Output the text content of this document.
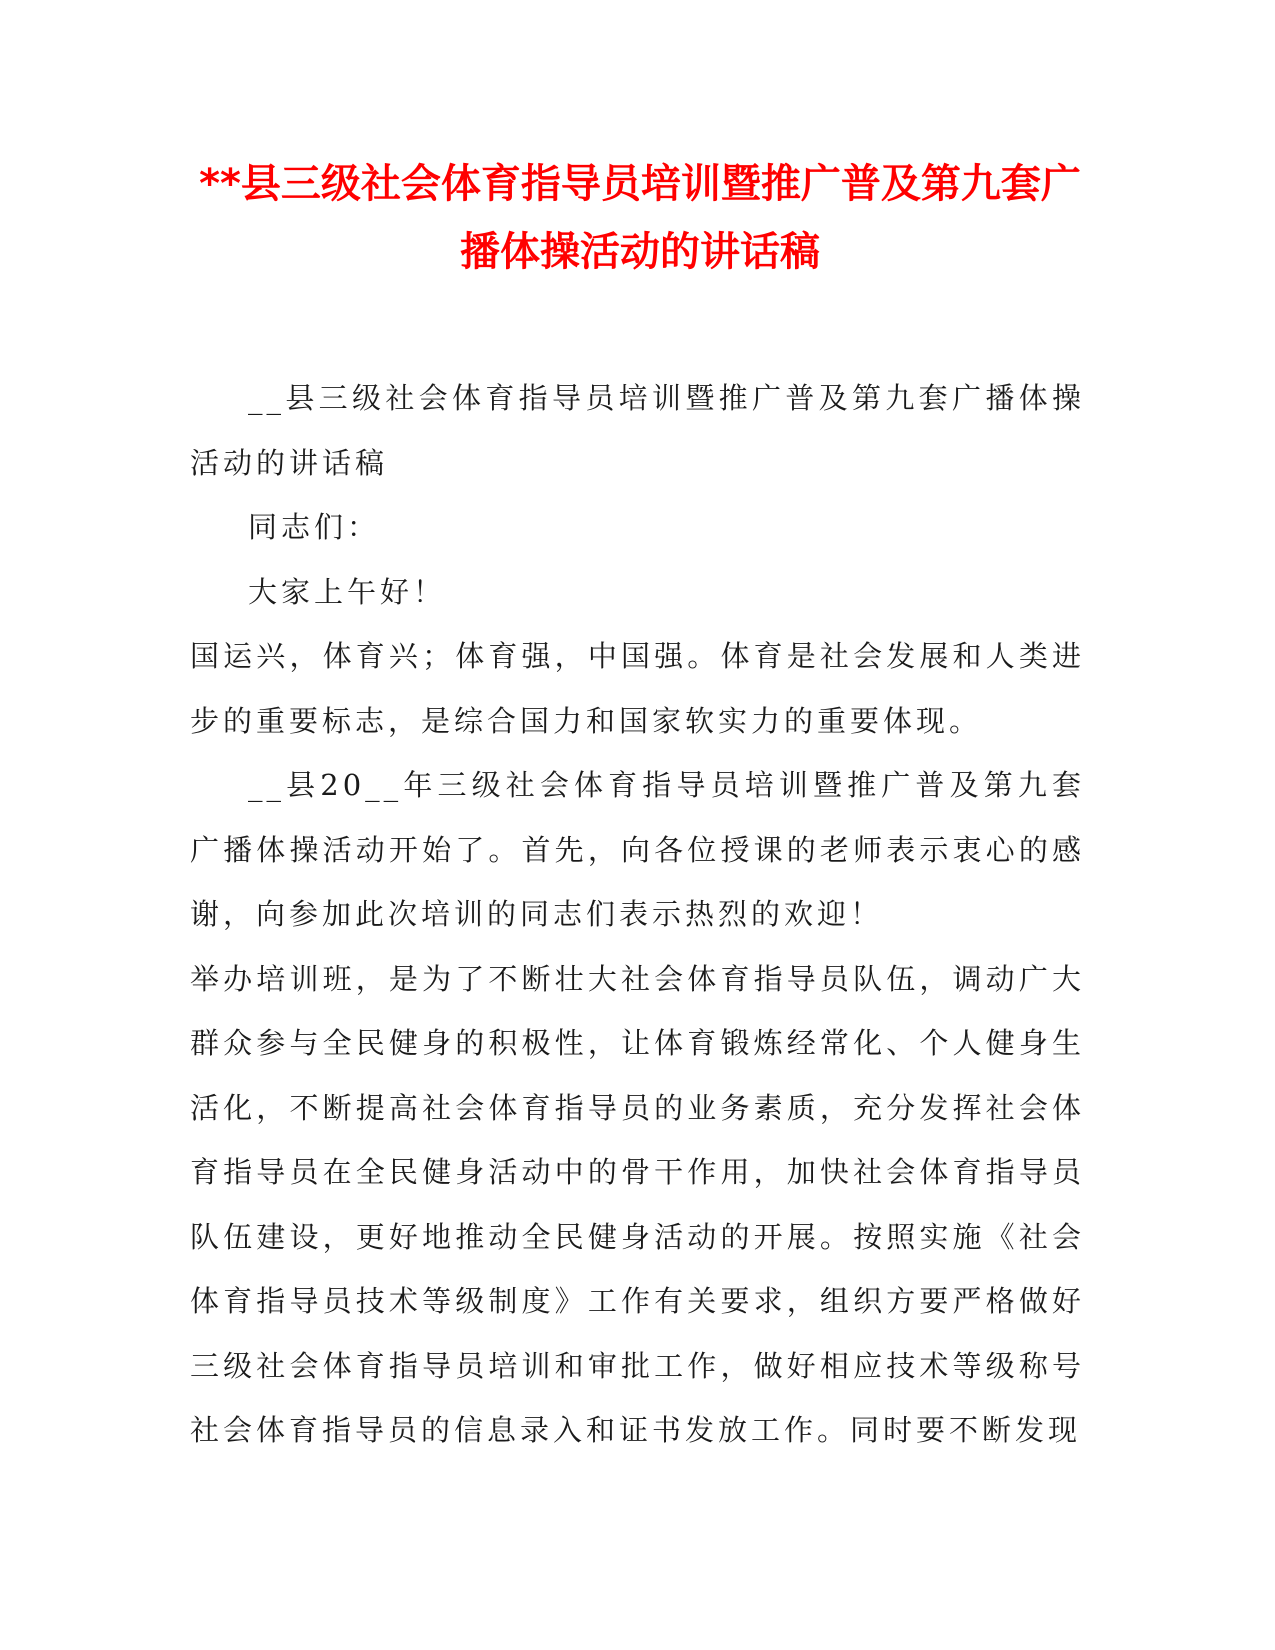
**县三级社会体育指导员培训暨推广普及第九套广播体操活动的讲话稿

__县三级社会体育指导员培训暨推广普及第九套广播体操活动的讲话稿

同志们：

大家上午好！

国运兴，体育兴；体育强，中国强。体育是社会发展和人类进步的重要标志，是综合国力和国家软实力的重要体现。

__县20__年三级社会体育指导员培训暨推广普及第九套广播体操活动开始了。首先，向各位授课的老师表示衷心的感谢，向参加此次培训的同志们表示热烈的欢迎！

举办培训班，是为了不断壮大社会体育指导员队伍，调动广大群众参与全民健身的积极性，让体育锻炼经常化、个人健身生活化，不断提高社会体育指导员的业务素质，充分发挥社会体育指导员在全民健身活动中的骨干作用，加快社会体育指导员队伍建设，更好地推动全民健身活动的开展。按照实施《社会体育指导员技术等级制度》工作有关要求，组织方要严格做好三级社会体育指导员培训和审批工作，做好相应技术等级称号社会体育指导员的信息录入和证书发放工作。同时要不断发现
